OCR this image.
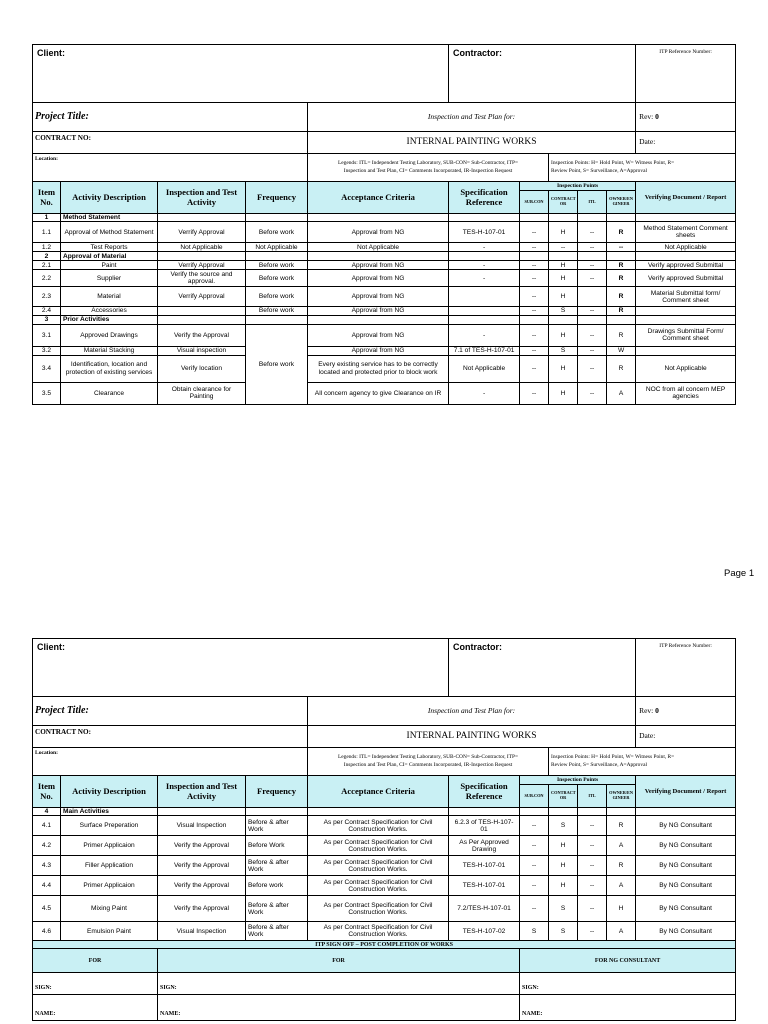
Client:					Contractor:					ITP Reference Number:
Project Title:				Inspection and Test Plan for:						Rev: 0
CONTRACT NO:				INTERNAL PAINTING WORKS						Date:
Location:				Legends: ITL= Independent Testing Laboratory, SUB-CON= Sub-Contractor, ITP=
Inspection and Test Plan, CI= Comments Incorporated, IR-Inspection Request			Inspection Points: H= Hold Point, W= Witness Point, R=
Review Point, S= Surveillance, A=Approval			
Item No.	Activity Description	Inspection and Test Activity	Frequency	Acceptance Criteria	Specification Reference	Inspection Points				Verifying Document / Report
						SUB.CON	CONTRACT OR	ITL	OWNER/EN GINEER	
1	Method Statement									
1.1	Approval of Method Statement	Verrify Approval	Before work	Approval from NG	TES-H-107-01	--	H	--	R	Method Statement Comment sheets
1.2	Test Reports	Not Applicable	Not Applicable	Not Applicable	-	--	--	--	--	Not Applicable
2	Approval of Material									
2.1	Paint	Verrify Approval	Before work	Approval from NG	-	--	H	--	R	Verify approved Submittal
2.2	Supplier	Verify the source and approval.	Before work	Approval from NG	-	--	H	--	R	Verify approved Submittal
2.3	Material	Verrify Approval	Before work	Approval from NG		--	H		R	Material Submittal form/ Comment sheet
2.4	Accessories		Before work	Approval from NG		--	S	--	R	
3	Prior Activities									
3.1	Approved Drawings	Verify the Approval	Before work	Approval from NG	-	--	H	--	R	Drawings Submittal Form/ Comment sheet
3.2	Material Stacking	Visual inspection		Approval from NG	7.1 of TES-H-107-01	--	S	--	W	
3.4	Identification, location and protection of existing services	Verify location		Every existing service has to be correctly located and protected prior to block work	Not Applicable	--	H	--	R	Not Applicable
3.5	Clearance	Obtain clearance for Painting		All concern agency to give Clearance on IR	-	--	H	--	A	NOC from all concern MEP agencies
Page 1
Client:					Contractor:					ITP Reference Number:
Project Title:				Inspection and Test Plan for:						Rev: 0
CONTRACT NO:				INTERNAL PAINTING WORKS						Date:
Location:				Legends: ITL= Independent Testing Laboratory, SUB-CON= Sub-Contractor, ITP=
Inspection and Test Plan, CI= Comments Incorporated, IR-Inspection Request			Inspection Points: H= Hold Point, W= Witness Point, R=
Review Point, S= Surveillance, A=Approval			
Item No.	Activity Description	Inspection and Test Activity	Frequency	Acceptance Criteria	Specification Reference	Inspection Points				Verifying Document / Report
						SUB.CON	CONTRACT OR	ITL	OWNER/EN GINEER	
4	Main Activities									
4.1	Surface Preperation	Visual Inspection	Before & after Work	As per Contract Specification for Civil Construction Works.	6.2.3 of TES-H-107-01	--	S	--	R	By NG Consultant
4.2	Primer Applicaion	Verify the Approval	Before Work	As per Contract Specification for Civil Construction Works.	As Per Approved Drawing	--	H	--	A	By NG Consultant
4.3	Filler Application	Verify the Approval	Before & after Work	As per Contract Specification for Civil Construction Works.	TES-H-107-01	--	H	--	R	By NG Consultant
4.4	Primer Applicaion	Verify the Approval	Before work	As per Contract Specification for Civil Construction Works.	TES-H-107-01	--	H	--	A	By NG Consultant
4.5	Mixing Paint	Verify the Approval	Before & after Work	As per Contract Specification for Civil Construction Works.	7.2/TES-H-107-01	--	S	--	H	By NG Consultant
4.6	Emulsion Paint	Visual Inspection	Before & after Work	As per Contract Specification for Civil Construction Works.	TES-H-107-02	S	S	--	A	By NG Consultant
ITP SIGN OFF – POST COMPLETION OF WORKS										
FOR		FOR				FOR NG CONSULTANT				
SIGN:		SIGN:				SIGN:				
NAME:		NAME:				NAME:				
